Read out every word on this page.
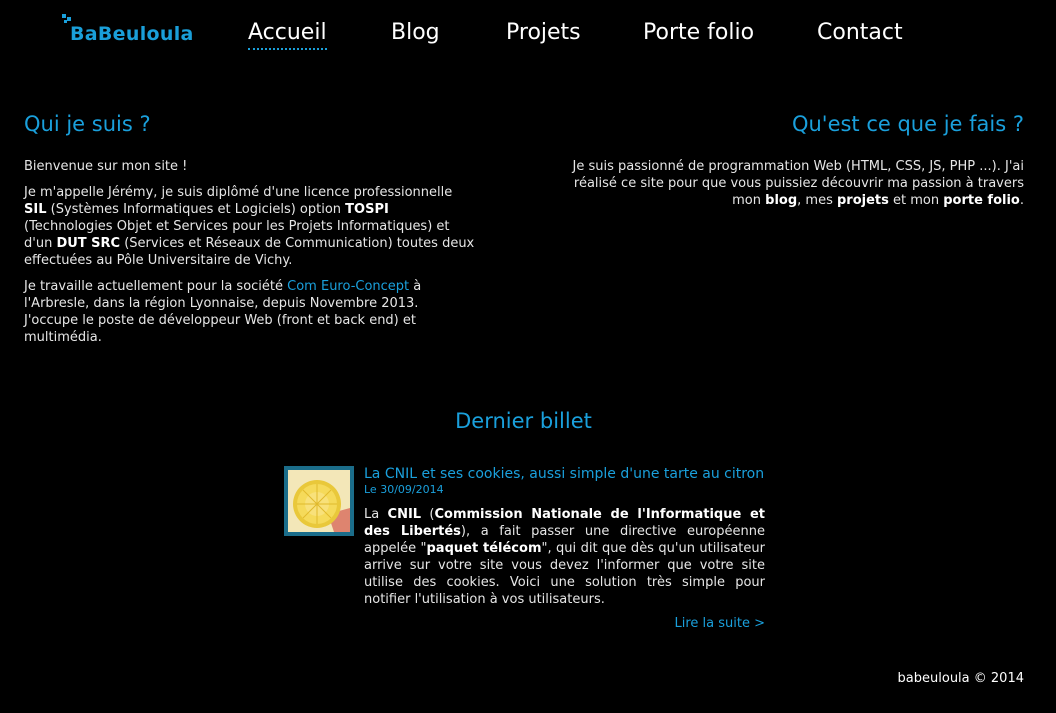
BaBeuloula Accueil	Blog	Projets	Porte folio	Contact
Qui je suis ?

Bienvenue sur mon site !

Je m'appelle Jérémy, je suis diplômé d'une licence professionnelle SIL (Systèmes Informatiques et Logiciels) option TOSPI (Technologies Objet et Services pour les Projets Informatiques) et d'un DUT SRC (Services et Réseaux de Communication) toutes deux effectuées au Pôle Universitaire de Vichy.

Je travaille actuellement pour la société Com Euro-Concept à l'Arbresle, dans la région Lyonnaise, depuis Novembre 2013. J'occupe le poste de développeur Web (front et back end) et multimédia.

Qu'est ce que je fais ?

Je suis passionné de programmation Web (HTML, CSS, JS, PHP ...). J'ai réalisé ce site pour que vous puissiez découvrir ma passion à travers mon blog, mes projets et mon porte folio.

Dernier billet
La CNIL et ses cookies, aussi simple d'une tarte au citron
Le 30/09/2014
La CNIL (Commission Nationale de l'Informatique et des Libertés), a fait passer une directive européenne appelée "paquet télécom", qui dit que dès qu'un utilisateur arrive sur votre site vous devez l'informer que votre site utilise des cookies. Voici une solution très simple pour notifier l'utilisation à vos utilisateurs.
Lire la suite >
babeuloula © 2014
